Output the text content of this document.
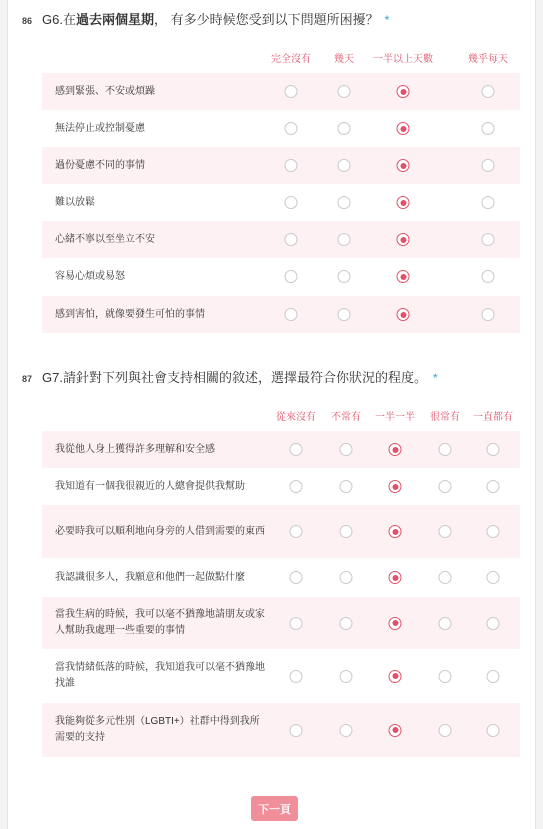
86 G6.在過去兩個星期， 有多少時候您受到以下問題所困擾？ *
完全沒有 幾天 一半以上天數	幾乎每天
感到緊張、不安或煩躁
無法停止或控制憂慮
過份憂慮不同的事情
難以放鬆
心緒不寧以至坐立不安
容易心煩或易怒
感到害怕，就像要發生可怕的事情
87 G7.請針對下列與社會支持相關的敘述，選擇最符合你狀況的程度。 *
從來沒有 不常有 一半一半 很常有 一直都有
我從他人身上獲得許多理解和安全感
我知道有一個我很親近的人總會提供我幫助
必要時我可以順利地向身旁的人借到需要的東西
我認識很多人，我願意和他們一起做點什麼
當我生病的時候，我可以毫不猶豫地請朋友或家人幫助我處理一些重要的事情
當我情緒低落的時候，我知道我可以毫不猶豫地找誰
我能夠從多元性別（LGBTI+）社群中得到我所需要的支持
下一頁
